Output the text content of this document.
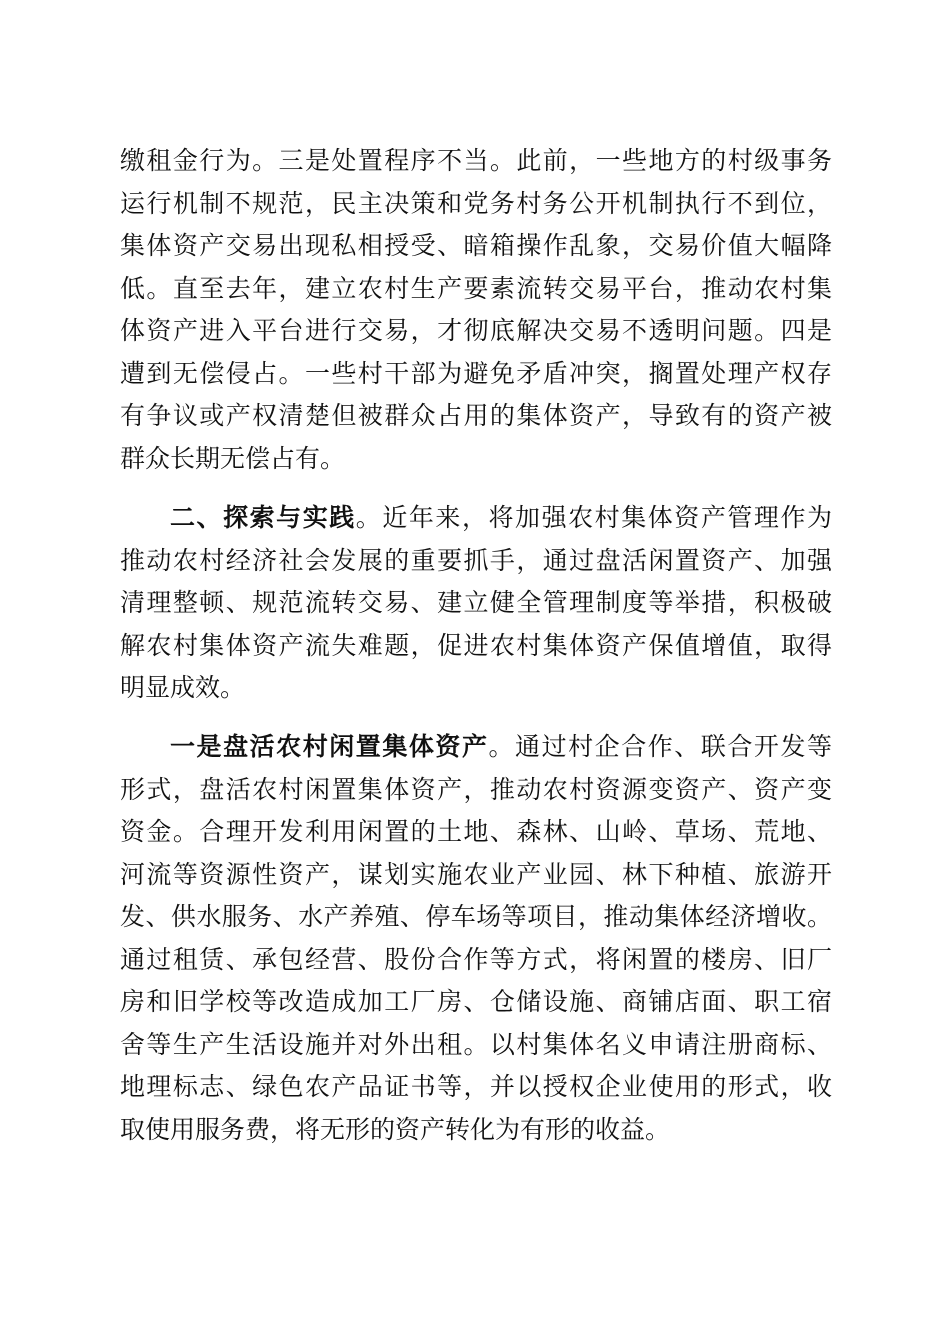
缴租金行为。三是处置程序不当。此前，一些地方的村级事务
运行机制不规范，民主决策和党务村务公开机制执行不到位，
集体资产交易出现私相授受、暗箱操作乱象，交易价值大幅降
低。直至去年，建立农村生产要素流转交易平台，推动农村集
体资产进入平台进行交易，才彻底解决交易不透明问题。四是
遭到无偿侵占。一些村干部为避免矛盾冲突，搁置处理产权存
有争议或产权清楚但被群众占用的集体资产，导致有的资产被
群众长期无偿占有。
二、探索与实践。近年来，将加强农村集体资产管理作为
推动农村经济社会发展的重要抓手，通过盘活闲置资产、加强
清理整顿、规范流转交易、建立健全管理制度等举措，积极破
解农村集体资产流失难题，促进农村集体资产保值增值，取得
明显成效。
一是盘活农村闲置集体资产。通过村企合作、联合开发等
形式，盘活农村闲置集体资产，推动农村资源变资产、资产变
资金。合理开发利用闲置的土地、森林、山岭、草场、荒地、
河流等资源性资产，谋划实施农业产业园、林下种植、旅游开
发、供水服务、水产养殖、停车场等项目，推动集体经济增收。
通过租赁、承包经营、股份合作等方式，将闲置的楼房、旧厂
房和旧学校等改造成加工厂房、仓储设施、商铺店面、职工宿
舍等生产生活设施并对外出租。以村集体名义申请注册商标、
地理标志、绿色农产品证书等，并以授权企业使用的形式，收
取使用服务费，将无形的资产转化为有形的收益。
